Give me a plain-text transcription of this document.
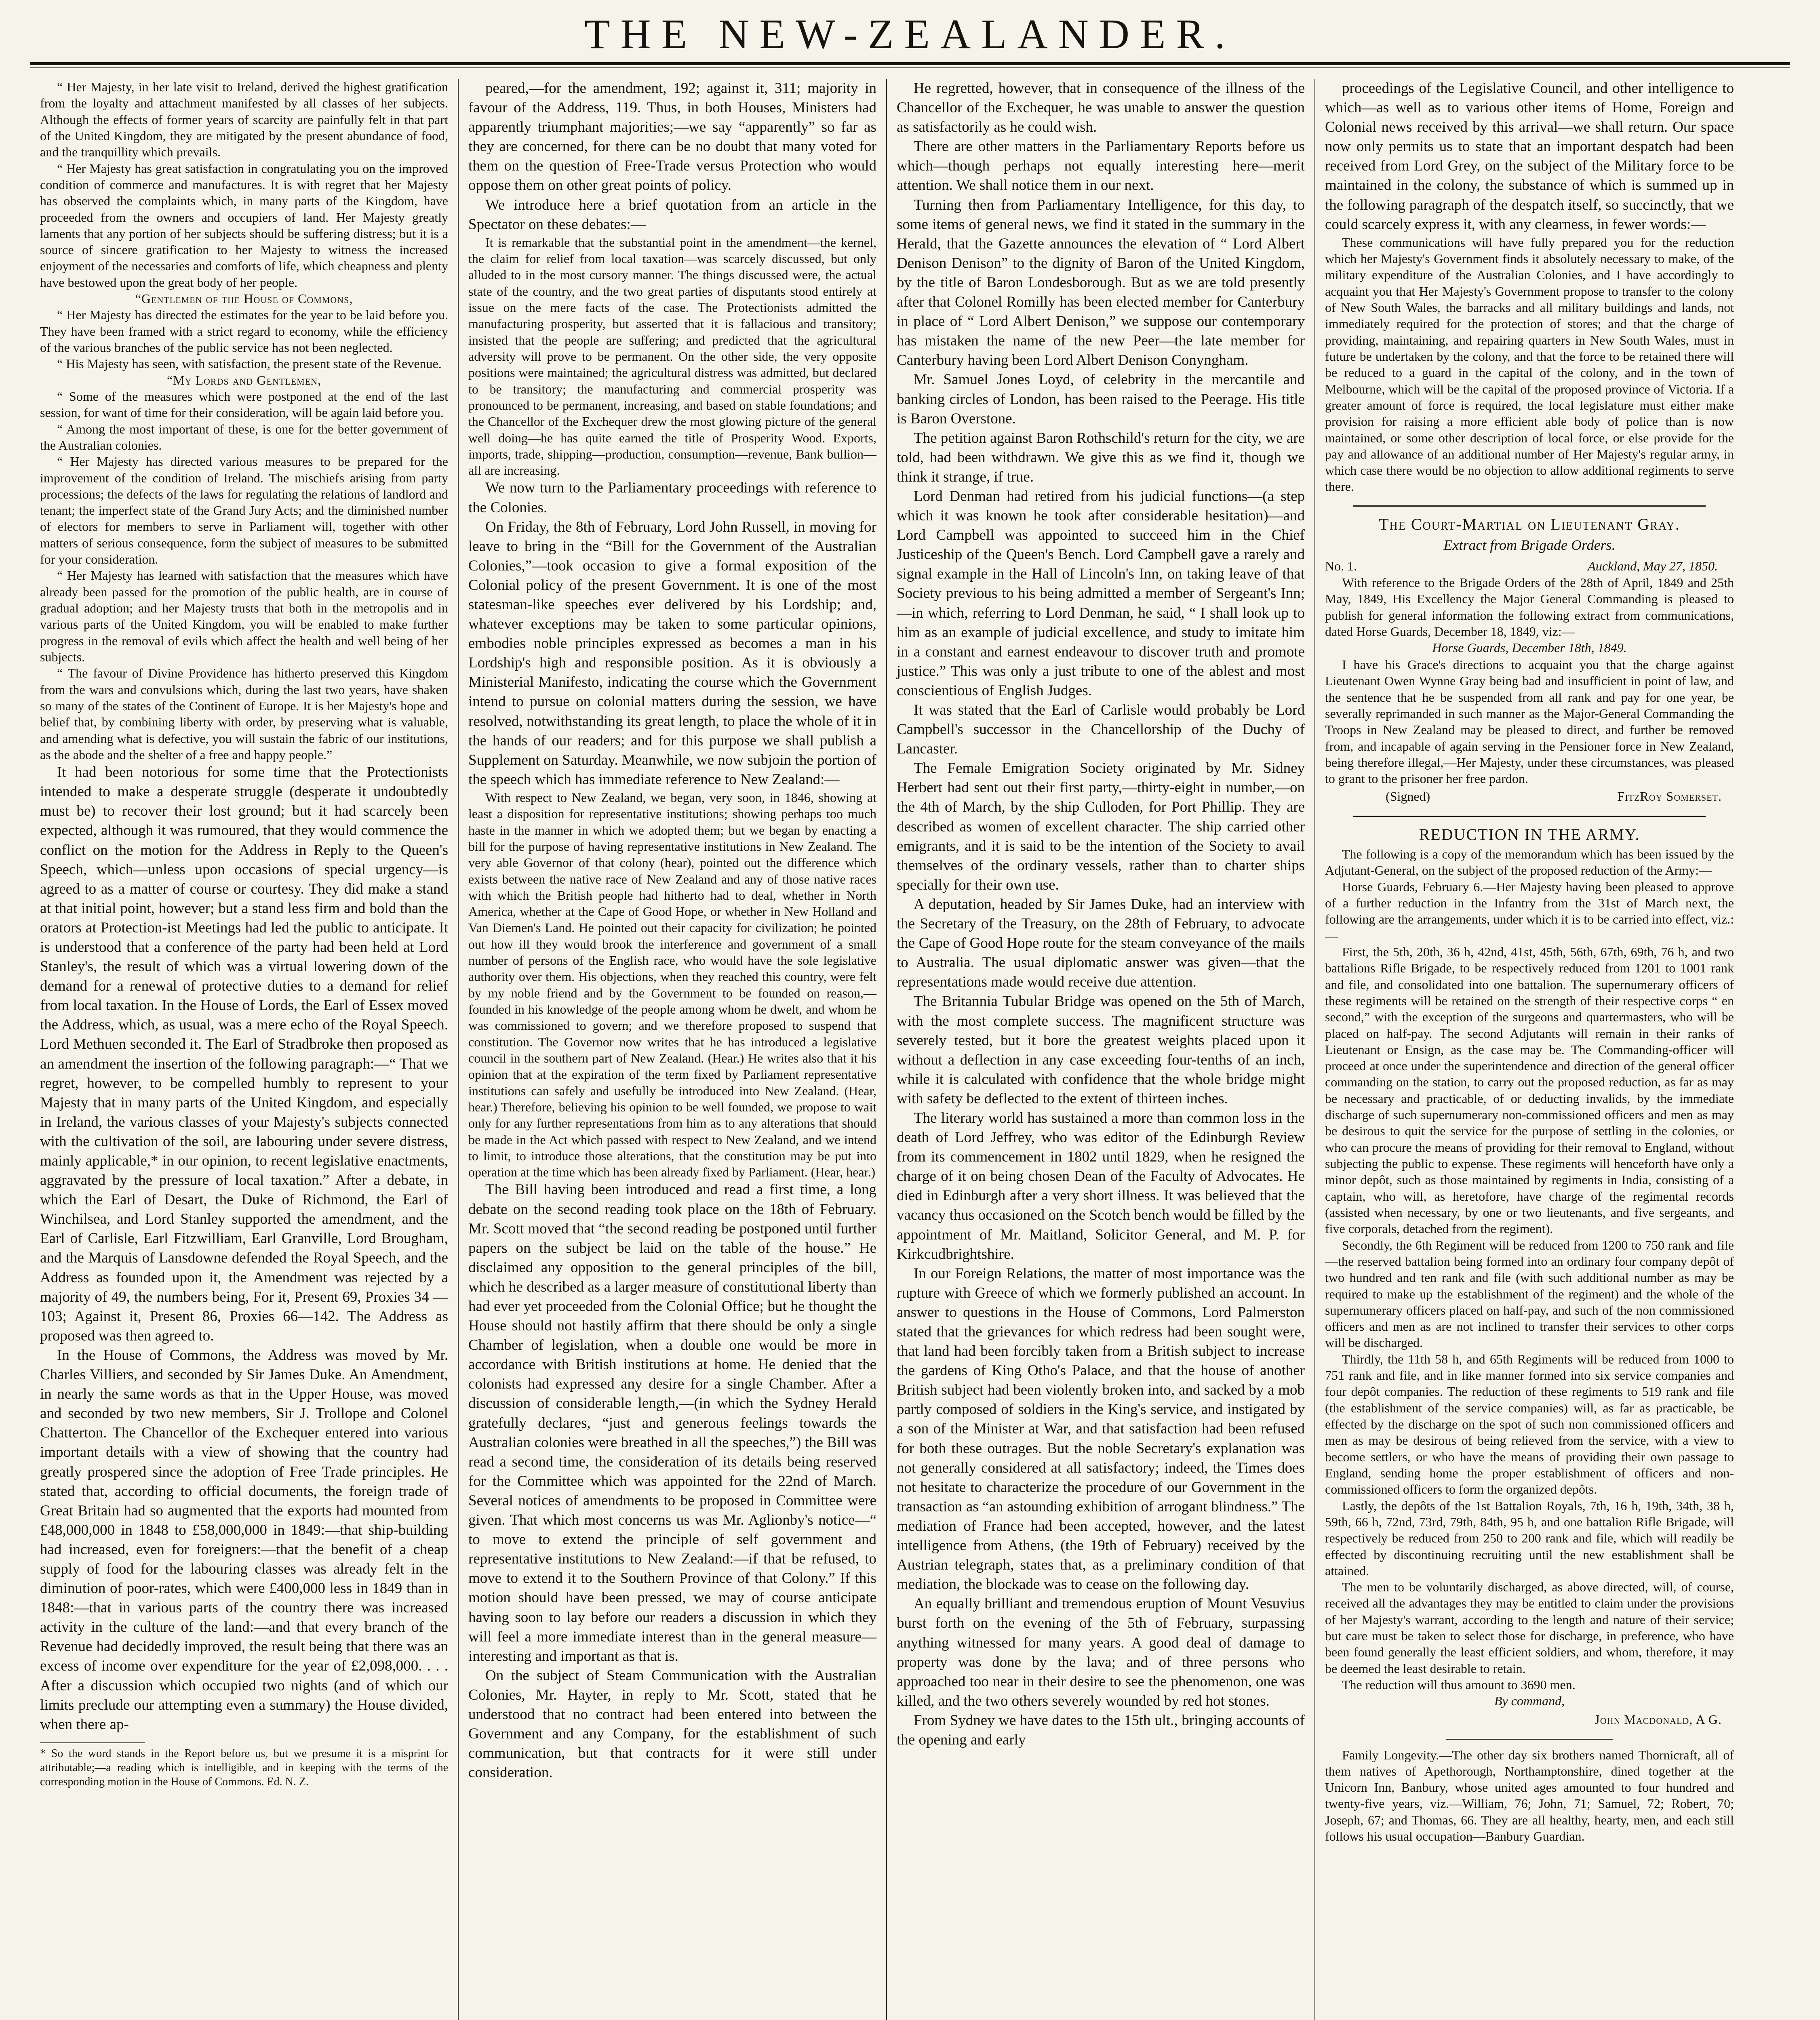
THE NEW-ZEALANDER.

“ Her Majesty, in her late visit to Ireland, derived the highest gratification from the loyalty and attachment manifested by all classes of her subjects. Although the effects of former years of scarcity are painfully felt in that part of the United Kingdom, they are mitigated by the present abundance of food, and the tranquillity which prevails.

“ Her Majesty has great satisfaction in congratulating you on the improved condition of commerce and manufactures. It is with regret that her Majesty has observed the complaints which, in many parts of the Kingdom, have proceeded from the owners and occupiers of land. Her Majesty greatly laments that any portion of her subjects should be suffering distress; but it is a source of sincere gratification to her Majesty to witness the increased enjoyment of the necessaries and comforts of life, which cheapness and plenty have bestowed upon the great body of her people.

“Gentlemen of the House of Commons,

“ Her Majesty has directed the estimates for the year to be laid before you. They have been framed with a strict regard to economy, while the efficiency of the various branches of the public service has not been neglected.

“ His Majesty has seen, with satisfaction, the present state of the Revenue.

“My Lords and Gentlemen,

“ Some of the measures which were postponed at the end of the last session, for want of time for their consideration, will be again laid before you.

“ Among the most important of these, is one for the better government of the Australian colonies.

“ Her Majesty has directed various measures to be prepared for the improvement of the condition of Ireland. The mischiefs arising from party processions; the defects of the laws for regulating the relations of landlord and tenant; the imperfect state of the Grand Jury Acts; and the diminished number of electors for members to serve in Parliament will, together with other matters of serious consequence, form the subject of measures to be submitted for your consideration.

“ Her Majesty has learned with satisfaction that the measures which have already been passed for the promotion of the public health, are in course of gradual adoption; and her Majesty trusts that both in the metropolis and in various parts of the United Kingdom, you will be enabled to make further progress in the removal of evils which affect the health and well being of her subjects.

“ The favour of Divine Providence has hitherto preserved this Kingdom from the wars and convulsions which, during the last two years, have shaken so many of the states of the Continent of Europe. It is her Majesty's hope and belief that, by combining liberty with order, by preserving what is valuable, and amending what is defective, you will sustain the fabric of our institutions, as the abode and the shelter of a free and happy people.”

It had been notorious for some time that the Protectionists intended to make a desperate struggle (desperate it undoubtedly must be) to recover their lost ground; but it had scarcely been expected, although it was rumoured, that they would commence the conflict on the motion for the Address in Reply to the Queen's Speech, which—unless upon occasions of special urgency—is agreed to as a matter of course or courtesy. They did make a stand at that initial point, however; but a stand less firm and bold than the orators at Protection-ist Meetings had led the public to anticipate. It is understood that a conference of the party had been held at Lord Stanley's, the result of which was a virtual lowering down of the demand for a renewal of protective duties to a demand for relief from local taxation. In the House of Lords, the Earl of Essex moved the Address, which, as usual, was a mere echo of the Royal Speech. Lord Methuen seconded it. The Earl of Stradbroke then proposed as an amendment the insertion of the following paragraph:—“ That we regret, however, to be compelled humbly to represent to your Majesty that in many parts of the United Kingdom, and especially in Ireland, the various classes of your Majesty's subjects connected with the cultivation of the soil, are labouring under severe distress, mainly applicable,* in our opinion, to recent legislative enactments, aggravated by the pressure of local taxation.” After a debate, in which the Earl of Desart, the Duke of Richmond, the Earl of Winchilsea, and Lord Stanley supported the amendment, and the Earl of Carlisle, Earl Fitzwilliam, Earl Granville, Lord Brougham, and the Marquis of Lansdowne defended the Royal Speech, and the Address as founded upon it, the Amendment was rejected by a majority of 49, the numbers being, For it, Present 69, Proxies 34 —103; Against it, Present 86, Proxies 66—142. The Address as proposed was then agreed to.

In the House of Commons, the Address was moved by Mr. Charles Villiers, and seconded by Sir James Duke. An Amendment, in nearly the same words as that in the Upper House, was moved and seconded by two new members, Sir J. Trollope and Colonel Chatterton. The Chancellor of the Exchequer entered into various important details with a view of showing that the country had greatly prospered since the adoption of Free Trade principles. He stated that, according to official documents, the foreign trade of Great Britain had so augmented that the exports had mounted from £48,000,000 in 1848 to £58,000,000 in 1849:—that ship-building had increased, even for foreigners:—that the benefit of a cheap supply of food for the labouring classes was already felt in the diminution of poor-rates, which were £400,000 less in 1849 than in 1848:—that in various parts of the country there was increased activity in the culture of the land:—and that every branch of the Revenue had decidedly improved, the result being that there was an excess of income over expenditure for the year of £2,098,000. . . . After a discussion which occupied two nights (and of which our limits preclude our attempting even a summary) the House divided, when there ap-

* So the word stands in the Report before us, but we presume it is a misprint for attributable;—a reading which is intelligible, and in keeping with the terms of the corresponding motion in the House of Commons. Ed. N. Z.

peared,—for the amendment, 192; against it, 311; majority in favour of the Address, 119. Thus, in both Houses, Ministers had apparently triumphant majorities;—we say “apparently” so far as they are concerned, for there can be no doubt that many voted for them on the question of Free-Trade versus Protection who would oppose them on other great points of policy.

We introduce here a brief quotation from an article in the Spectator on these debates:—

It is remarkable that the substantial point in the amendment—the kernel, the claim for relief from local taxation—was scarcely discussed, but only alluded to in the most cursory manner. The things discussed were, the actual state of the country, and the two great parties of disputants stood entirely at issue on the mere facts of the case. The Protectionists admitted the manufacturing prosperity, but asserted that it is fallacious and transitory; insisted that the people are suffering; and predicted that the agricultural adversity will prove to be permanent. On the other side, the very opposite positions were maintained; the agricultural distress was admitted, but declared to be transitory; the manufacturing and commercial prosperity was pronounced to be permanent, increasing, and based on stable foundations; and the Chancellor of the Exchequer drew the most glowing picture of the general well doing—he has quite earned the title of Prosperity Wood. Exports, imports, trade, shipping—production, consumption—revenue, Bank bullion—all are increasing.

We now turn to the Parliamentary proceedings with reference to the Colonies.

On Friday, the 8th of February, Lord John Russell, in moving for leave to bring in the “Bill for the Government of the Australian Colonies,”—took occasion to give a formal exposition of the Colonial policy of the present Government. It is one of the most statesman-like speeches ever delivered by his Lordship; and, whatever exceptions may be taken to some particular opinions, embodies noble principles expressed as becomes a man in his Lordship's high and responsible position. As it is obviously a Ministerial Manifesto, indicating the course which the Government intend to pursue on colonial matters during the session, we have resolved, notwithstanding its great length, to place the whole of it in the hands of our readers; and for this purpose we shall publish a Supplement on Saturday. Meanwhile, we now subjoin the portion of the speech which has immediate reference to New Zealand:—

With respect to New Zealand, we began, very soon, in 1846, showing at least a disposition for representative institutions; showing perhaps too much haste in the manner in which we adopted them; but we began by enacting a bill for the purpose of having representative institutions in New Zealand. The very able Governor of that colony (hear), pointed out the difference which exists between the native race of New Zealand and any of those native races with which the British people had hitherto had to deal, whether in North America, whether at the Cape of Good Hope, or whether in New Holland and Van Diemen's Land. He pointed out their capacity for civilization; he pointed out how ill they would brook the interference and government of a small number of persons of the English race, who would have the sole legislative authority over them. His objections, when they reached this country, were felt by my noble friend and by the Government to be founded on reason,—founded in his knowledge of the people among whom he dwelt, and whom he was commissioned to govern; and we therefore proposed to suspend that constitution. The Governor now writes that he has introduced a legislative council in the southern part of New Zealand. (Hear.) He writes also that it his opinion that at the expiration of the term fixed by Parliament representative institutions can safely and usefully be introduced into New Zealand. (Hear, hear.) Therefore, believing his opinion to be well founded, we propose to wait only for any further representations from him as to any alterations that should be made in the Act which passed with respect to New Zealand, and we intend to limit, to introduce those alterations, that the constitution may be put into operation at the time which has been already fixed by Parliament. (Hear, hear.)

The Bill having been introduced and read a first time, a long debate on the second reading took place on the 18th of February. Mr. Scott moved that “the second reading be postponed until further papers on the subject be laid on the table of the house.” He disclaimed any opposition to the general principles of the bill, which he described as a larger measure of constitutional liberty than had ever yet proceeded from the Colonial Office; but he thought the House should not hastily affirm that there should be only a single Chamber of legislation, when a double one would be more in accordance with British institutions at home. He denied that the colonists had expressed any desire for a single Chamber. After a discussion of considerable length,—(in which the Sydney Herald gratefully declares, “just and generous feelings towards the Australian colonies were breathed in all the speeches,”) the Bill was read a second time, the consideration of its details being reserved for the Committee which was appointed for the 22nd of March. Several notices of amendments to be proposed in Committee were given. That which most concerns us was Mr. Aglionby's notice—“ to move to extend the principle of self government and representative institutions to New Zealand:—if that be refused, to move to extend it to the Southern Province of that Colony.” If this motion should have been pressed, we may of course anticipate having soon to lay before our readers a discussion in which they will feel a more immediate interest than in the general measure—interesting and important as that is.

On the subject of Steam Communication with the Australian Colonies, Mr. Hayter, in reply to Mr. Scott, stated that he understood that no contract had been entered into between the Government and any Company, for the establishment of such communication, but that contracts for it were still under consideration.

He regretted, however, that in consequence of the illness of the Chancellor of the Exchequer, he was unable to answer the question as satisfactorily as he could wish.

There are other matters in the Parliamentary Reports before us which—though perhaps not equally interesting here—merit attention. We shall notice them in our next.

Turning then from Parliamentary Intelligence, for this day, to some items of general news, we find it stated in the summary in the Herald, that the Gazette announces the elevation of “ Lord Albert Denison Denison” to the dignity of Baron of the United Kingdom, by the title of Baron Londesborough. But as we are told presently after that Colonel Romilly has been elected member for Canterbury in place of “ Lord Albert Denison,” we suppose our contemporary has mistaken the name of the new Peer—the late member for Canterbury having been Lord Albert Denison Conyngham.

Mr. Samuel Jones Loyd, of celebrity in the mercantile and banking circles of London, has been raised to the Peerage. His title is Baron Overstone.

The petition against Baron Rothschild's return for the city, we are told, had been withdrawn. We give this as we find it, though we think it strange, if true.

Lord Denman had retired from his judicial functions—(a step which it was known he took after considerable hesitation)—and Lord Campbell was appointed to succeed him in the Chief Justiceship of the Queen's Bench. Lord Campbell gave a rarely and signal example in the Hall of Lincoln's Inn, on taking leave of that Society previous to his being admitted a member of Sergeant's Inn;—in which, referring to Lord Denman, he said, “ I shall look up to him as an example of judicial excellence, and study to imitate him in a constant and earnest endeavour to discover truth and promote justice.” This was only a just tribute to one of the ablest and most conscientious of English Judges.

It was stated that the Earl of Carlisle would probably be Lord Campbell's successor in the Chancellorship of the Duchy of Lancaster.

The Female Emigration Society originated by Mr. Sidney Herbert had sent out their first party,—thirty-eight in number,—on the 4th of March, by the ship Culloden, for Port Phillip. They are described as women of excellent character. The ship carried other emigrants, and it is said to be the intention of the Society to avail themselves of the ordinary vessels, rather than to charter ships specially for their own use.

A deputation, headed by Sir James Duke, had an interview with the Secretary of the Treasury, on the 28th of February, to advocate the Cape of Good Hope route for the steam conveyance of the mails to Australia. The usual diplomatic answer was given—that the representations made would receive due attention.

The Britannia Tubular Bridge was opened on the 5th of March, with the most complete success. The magnificent structure was severely tested, but it bore the greatest weights placed upon it without a deflection in any case exceeding four-tenths of an inch, while it is calculated with confidence that the whole bridge might with safety be deflected to the extent of thirteen inches.

The literary world has sustained a more than common loss in the death of Lord Jeffrey, who was editor of the Edinburgh Review from its commencement in 1802 until 1829, when he resigned the charge of it on being chosen Dean of the Faculty of Advocates. He died in Edinburgh after a very short illness. It was believed that the vacancy thus occasioned on the Scotch bench would be filled by the appointment of Mr. Maitland, Solicitor General, and M. P. for Kirkcudbrightshire.

In our Foreign Relations, the matter of most importance was the rupture with Greece of which we formerly published an account. In answer to questions in the House of Commons, Lord Palmerston stated that the grievances for which redress had been sought were, that land had been forcibly taken from a British subject to increase the gardens of King Otho's Palace, and that the house of another British subject had been violently broken into, and sacked by a mob partly composed of soldiers in the King's service, and instigated by a son of the Minister at War, and that satisfaction had been refused for both these outrages. But the noble Secretary's explanation was not generally considered at all satisfactory; indeed, the Times does not hesitate to characterize the procedure of our Government in the transaction as “an astounding exhibition of arrogant blindness.” The mediation of France had been accepted, however, and the latest intelligence from Athens, (the 19th of February) received by the Austrian telegraph, states that, as a preliminary condition of that mediation, the blockade was to cease on the following day.

An equally brilliant and tremendous eruption of Mount Vesuvius burst forth on the evening of the 5th of February, surpassing anything witnessed for many years. A good deal of damage to property was done by the lava; and of three persons who approached too near in their desire to see the phenomenon, one was killed, and the two others severely wounded by red hot stones.

From Sydney we have dates to the 15th ult., bringing accounts of the opening and early

proceedings of the Legislative Council, and other intelligence to which—as well as to various other items of Home, Foreign and Colonial news received by this arrival—we shall return. Our space now only permits us to state that an important despatch had been received from Lord Grey, on the subject of the Military force to be maintained in the colony, the substance of which is summed up in the following paragraph of the despatch itself, so succinctly, that we could scarcely express it, with any clearness, in fewer words:—

These communications will have fully prepared you for the reduction which her Majesty's Government finds it absolutely necessary to make, of the military expenditure of the Australian Colonies, and I have accordingly to acquaint you that Her Majesty's Government propose to transfer to the colony of New South Wales, the barracks and all military buildings and lands, not immediately required for the protection of stores; and that the charge of providing, maintaining, and repairing quarters in New South Wales, must in future be undertaken by the colony, and that the force to be retained there will be reduced to a guard in the capital of the colony, and in the town of Melbourne, which will be the capital of the proposed province of Victoria. If a greater amount of force is required, the local legislature must either make provision for raising a more efficient able body of police than is now maintained, or some other description of local force, or else provide for the pay and allowance of an additional number of Her Majesty's regular army, in which case there would be no objection to allow additional regiments to serve there.

The Court-Martial on Lieutenant Gray.

Extract from Brigade Orders.

No. 1.	Auckland, May 27, 1850.

With reference to the Brigade Orders of the 28th of April, 1849 and 25th May, 1849, His Excellency the Major General Commanding is pleased to publish for general information the following extract from communications, dated Horse Guards, December 18, 1849, viz:—

Horse Guards, December 18th, 1849.

I have his Grace's directions to acquaint you that the charge against Lieutenant Owen Wynne Gray being bad and insufficient in point of law, and the sentence that he be suspended from all rank and pay for one year, be severally reprimanded in such manner as the Major-General Commanding the Troops in New Zealand may be pleased to direct, and further be removed from, and incapable of again serving in the Pensioner force in New Zealand, being therefore illegal,—Her Majesty, under these circumstances, was pleased to grant to the prisoner her free pardon.

(Signed)	FitzRoy Somerset.

REDUCTION IN THE ARMY.

The following is a copy of the memorandum which has been issued by the Adjutant-General, on the subject of the proposed reduction of the Army:—

Horse Guards, February 6.—Her Majesty having been pleased to approve of a further reduction in the Infantry from the 31st of March next, the following are the arrangements, under which it is to be carried into effect, viz.:—

First, the 5th, 20th, 36 h, 42nd, 41st, 45th, 56th, 67th, 69th, 76 h, and two battalions Rifle Brigade, to be respectively reduced from 1201 to 1001 rank and file, and consolidated into one battalion. The supernumerary officers of these regiments will be retained on the strength of their respective corps “ en second,” with the exception of the surgeons and quartermasters, who will be placed on half-pay. The second Adjutants will remain in their ranks of Lieutenant or Ensign, as the case may be. The Commanding-officer will proceed at once under the superintendence and direction of the general officer commanding on the station, to carry out the proposed reduction, as far as may be necessary and practicable, of or deducting invalids, by the immediate discharge of such supernumerary non-commissioned officers and men as may be desirous to quit the service for the purpose of settling in the colonies, or who can procure the means of providing for their removal to England, without subjecting the public to expense. These regiments will henceforth have only a minor depôt, such as those maintained by regiments in India, consisting of a captain, who will, as heretofore, have charge of the regimental records (assisted when necessary, by one or two lieutenants, and five sergeants, and five corporals, detached from the regiment).

Secondly, the 6th Regiment will be reduced from 1200 to 750 rank and file—the reserved battalion being formed into an ordinary four company depôt of two hundred and ten rank and file (with such additional number as may be required to make up the establishment of the regiment) and the whole of the supernumerary officers placed on half-pay, and such of the non commissioned officers and men as are not inclined to transfer their services to other corps will be discharged.

Thirdly, the 11th 58 h, and 65th Regiments will be reduced from 1000 to 751 rank and file, and in like manner formed into six service companies and four depôt companies. The reduction of these regiments to 519 rank and file (the establishment of the service companies) will, as far as practicable, be effected by the discharge on the spot of such non commissioned officers and men as may be desirous of being relieved from the service, with a view to become settlers, or who have the means of providing their own passage to England, sending home the proper establishment of officers and non-commissioned officers to form the organized depôts.

Lastly, the depôts of the 1st Battalion Royals, 7th, 16 h, 19th, 34th, 38 h, 59th, 66 h, 72nd, 73rd, 79th, 84th, 95 h, and one battalion Rifle Brigade, will respectively be reduced from 250 to 200 rank and file, which will readily be effected by discontinuing recruiting until the new establishment shall be attained.

The men to be voluntarily discharged, as above directed, will, of course, received all the advantages they may be entitled to claim under the provisions of her Majesty's warrant, according to the length and nature of their service; but care must be taken to select those for discharge, in preference, who have been found generally the least efficient soldiers, and whom, therefore, it may be deemed the least desirable to retain.

The reduction will thus amount to 3690 men.

By command,

John Macdonald, A G.

Family Longevity.—The other day six brothers named Thornicraft, all of them natives of Apethorough, Northamptonshire, dined together at the Unicorn Inn, Banbury, whose united ages amounted to four hundred and twenty-five years, viz.—William, 76; John, 71; Samuel, 72; Robert, 70; Joseph, 67; and Thomas, 66. They are all healthy, hearty, men, and each still follows his usual occupation—Banbury Guardian.
